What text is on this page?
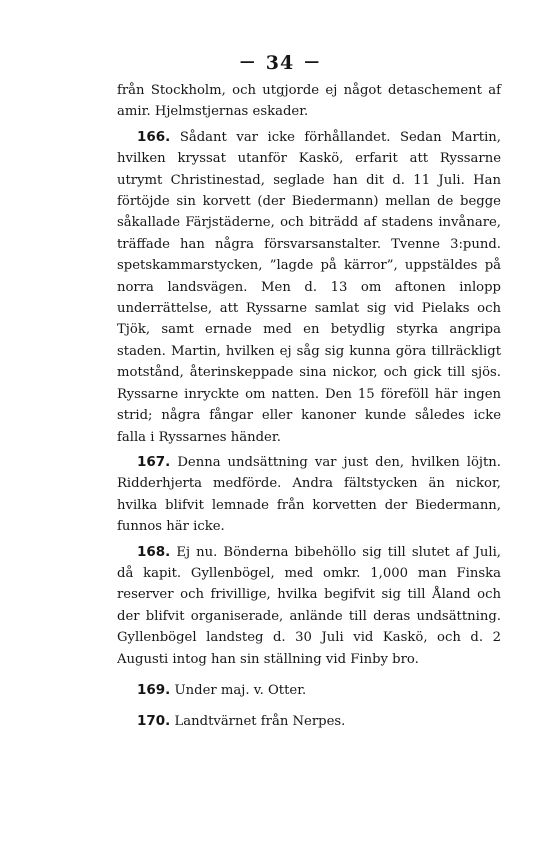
— 34 —

från Stockholm, och utgjorde ej något detaschement af amir. Hjelmstjernas eskader.

166. Sådant var icke förhållandet. Sedan Martin, hvilken kryssat utanför Kaskö, erfarit att Ryssarne utrymt Christinestad, seglade han dit d. 11 Juli. Han förtöjde sin korvett (der Biedermann) mellan de begge såkallade Färjstäderne, och biträdd af stadens invånare, träffade han några försvarsanstalter. Tvenne 3:pund. spetskammarstycken, ”lagde på kärror”, uppstäldes på norra landsvägen. Men d. 13 om aftonen inlopp underrättelse, att Ryssarne samlat sig vid Pielaks och Tjök, samt ernade med en betydlig styrka angripa staden. Martin, hvilken ej såg sig kunna göra tillräckligt motstånd, återinskeppade sina nickor, och gick till sjös. Ryssarne inryckte om natten. Den 15 föreföll här ingen strid; några fångar eller kanoner kunde således icke falla i Ryssarnes händer.

167. Denna undsättning var just den, hvilken löjtn. Ridderhjerta medförde. Andra fältstycken än nickor, hvilka blifvit lemnade från korvetten der Biedermann, funnos här icke.

168. Ej nu. Bönderna bibehöllo sig till slutet af Juli, då kapit. Gyllenbögel, med omkr. 1,000 man Finska reserver och frivillige, hvilka begifvit sig till Åland och der blifvit organiserade, anlände till deras undsättning. Gyllenbögel landsteg d. 30 Juli vid Kaskö, och d. 2 Augusti intog han sin ställning vid Finby bro.

169. Under maj. v. Otter.

170. Landtvärnet från Nerpes.
